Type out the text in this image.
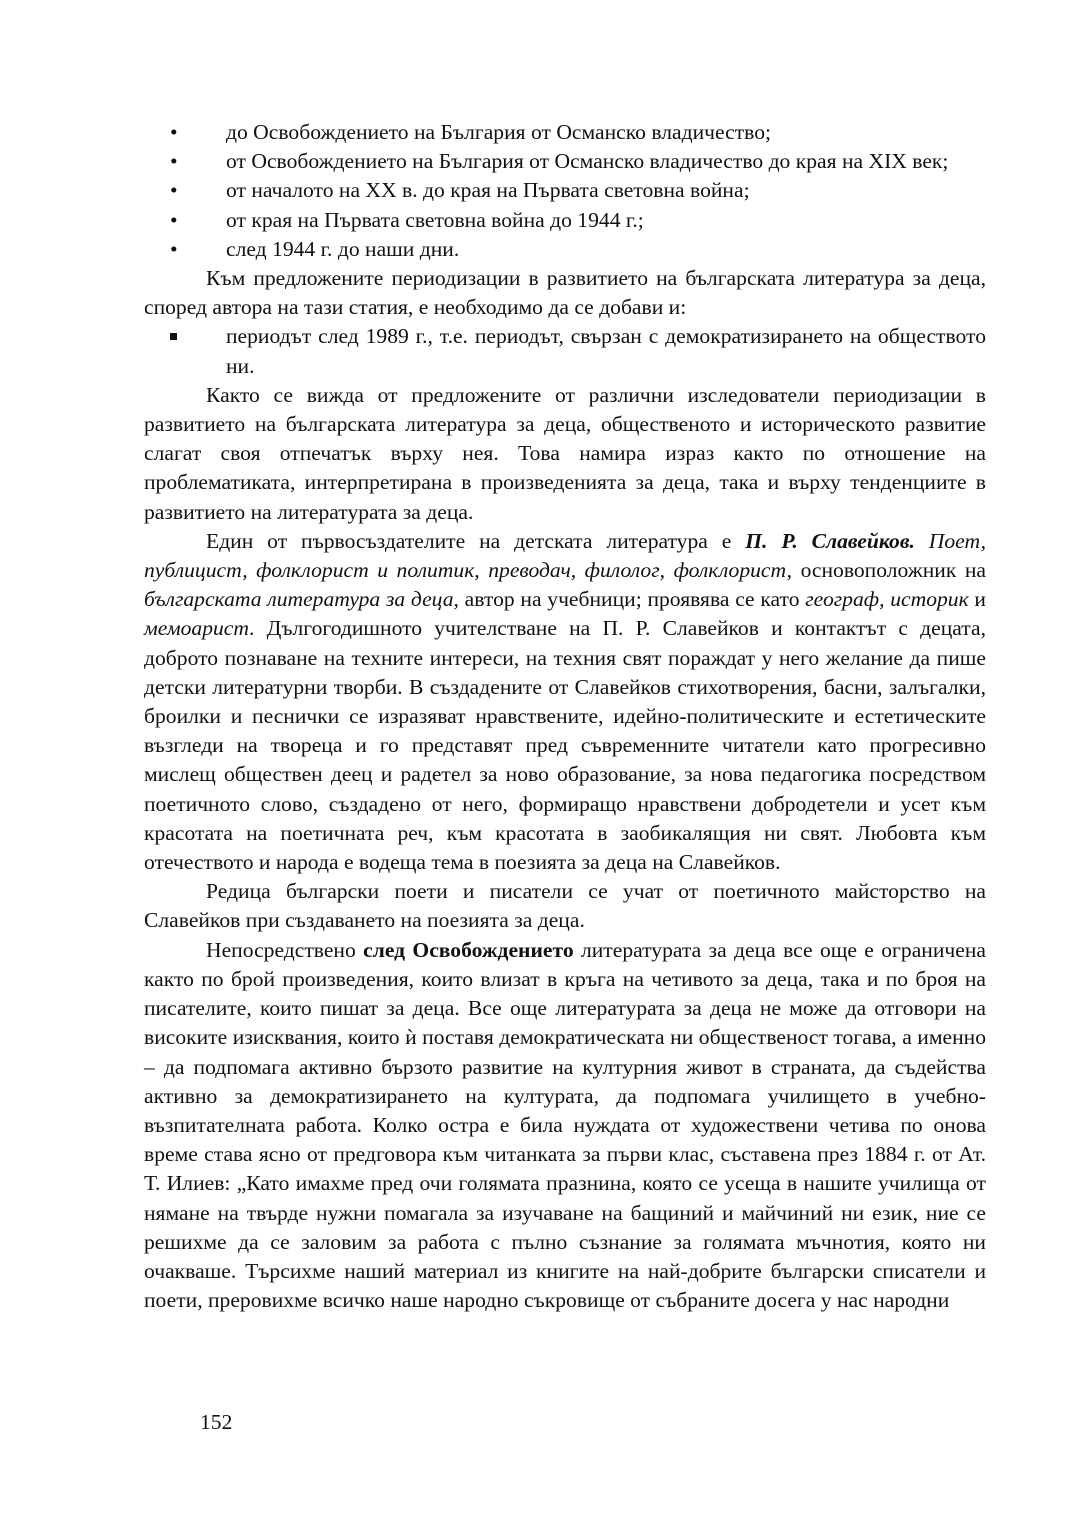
•	до Освобождението на България от Османско владичество;
•	от Освобождението на България от Османско владичество до края на XIX век;
•	от началото на XX в. до края на Първата световна война;
•	от края на Първата световна война до 1944 г.;
•	след 1944 г. до наши дни.

Към предложените периодизации в развитието на българската литература за деца, според автора на тази статия, е необходимо да се добави и:

периодът след 1989 г., т.е. периодът, свързан с демократизирането на обществото ни.

Както се вижда от предложените от различни изследователи периодизации в развитието на българската литература за деца, общественото и историческото развитие слагат своя отпечатък върху нея. Това намира израз както по отношение на проблематиката, интерпретирана в произведенията за деца, така и върху тенденциите в развитието на литературата за деца.

Един от първосъздателите на детската литература е П. Р. Славейков. Поет, публицист, фолклорист и политик, преводач, филолог, фолклорист, основоположник на българската литература за деца, автор на учебници; проявява се като географ, историк и мемоарист. Дългогодишното учителстване на П. Р. Славейков и контактът с децата, доброто познаване на техните интереси, на техния свят пораждат у него желание да пише детски литературни творби. В създадените от Славейков стихотворения, басни, залъгалки, броилки и песнички се изразяват нравствените, идейно-политическите и естетическите възгледи на твореца и го представят пред съвременните читатели като прогресивно мислещ обществен деец и радетел за ново образование, за нова педагогика посредством поетичното слово, създадено от него, формиращо нравствени добродетели и усет към красотата на поетичната реч, към красотата в заобикалящия ни свят. Любовта към отечеството и народа е водеща тема в поезията за деца на Славейков.

Редица български поети и писатели се учат от поетичното майсторство на Славейков при създаването на поезията за деца.

Непосредствено след Освобождението литературата за деца все още е ограничена както по брой произведения, които влизат в кръга на четивото за деца, така и по броя на писателите, които пишат за деца. Все още литературата за деца не може да отговори на високите изисквания, които ѝ поставя демократическата ни общественост тогава, а именно – да подпомага активно бързото развитие на културния живот в страната, да съдейства активно за демократизирането на културата, да подпомага училището в учебно-възпитателната работа. Колко остра е била нуждата от художествени четива по онова време става ясно от предговора към читанката за първи клас, съставена през 1884 г. от Ат. Т. Илиев: „Като имахме пред очи голямата празнина, която се усеща в нашите училища от нямане на твърде нужни помагала за изучаване на бащиний и майчиний ни език, ние се решихме да се заловим за работа с пълно съзнание за голямата мъчнотия, която ни очакваше. Търсихме наший материал из книгите на най-добрите български списатели и поети, преровихме всичко наше народно съкровище от събраните досега у нас народни

152
